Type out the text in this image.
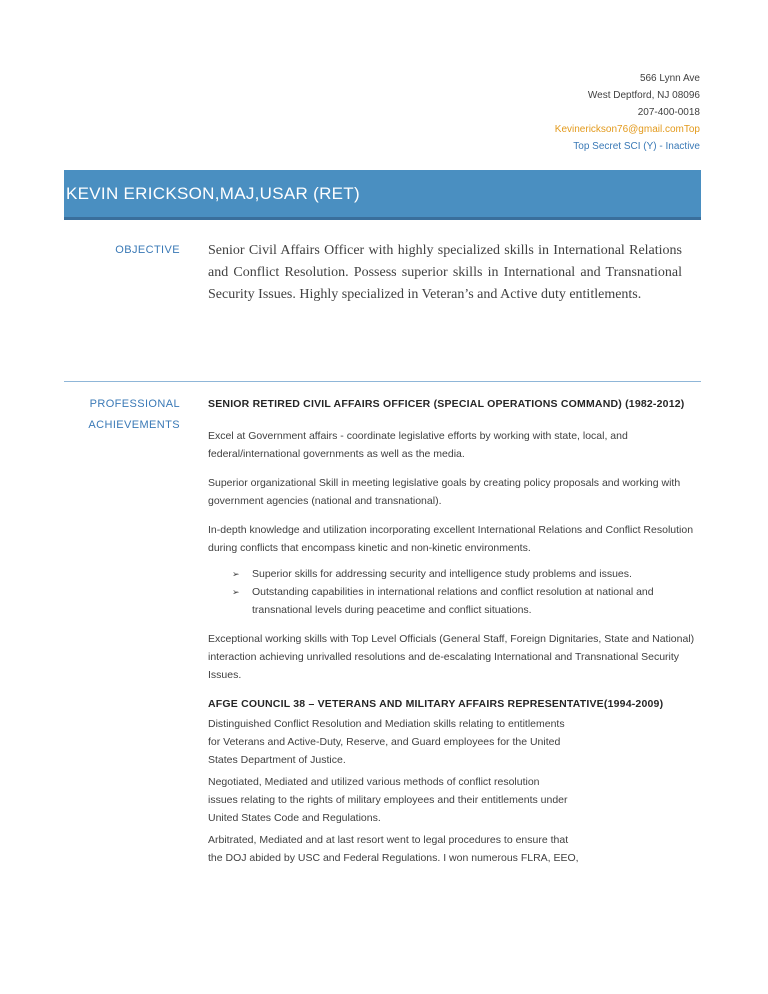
566 Lynn Ave
West Deptford, NJ 08096
207-400-0018
Kevinerickson76@gmail.comTop
Top Secret SCI (Y) - Inactive
KEVIN ERICKSON,MAJ,USAR (RET)
OBJECTIVE Senior Civil Affairs Officer with highly specialized skills in International Relations and Conflict Resolution. Possess superior skills in International and Transnational Security Issues. Highly specialized in Veteran’s and Active duty entitlements.
PROFESSIONAL
ACHIEVEMENTS
SENIOR RETIRED CIVIL AFFAIRS OFFICER (SPECIAL OPERATIONS COMMAND) (1982-2012)

Excel at Government affairs - coordinate legislative efforts by working with state, local, and federal/international governments as well as the media.

Superior organizational Skill in meeting legislative goals by creating policy proposals and working with government agencies (national and transnational).

In-depth knowledge and utilization incorporating excellent International Relations and Conflict Resolution during conflicts that encompass kinetic and non-kinetic environments.

➢ Superior skills for addressing security and intelligence study problems and issues.
➢ Outstanding capabilities in international relations and conflict resolution at national and transnational levels during peacetime and conflict situations.

Exceptional working skills with Top Level Officials (General Staff, Foreign Dignitaries, State and National) interaction achieving unrivalled resolutions and de-escalating International and Transnational Security Issues.

AFGE COUNCIL 38 – VETERANS AND MILITARY AFFAIRS REPRESENTATIVE(1994-2009)

Distinguished Conflict Resolution and Mediation skills relating to entitlements
for Veterans and Active-Duty, Reserve, and Guard employees for the United
States Department of Justice.

Negotiated, Mediated and utilized various methods of conflict resolution
issues relating to the rights of military employees and their entitlements under
United States Code and Regulations.

Arbitrated, Mediated and at last resort went to legal procedures to ensure that
the DOJ abided by USC and Federal Regulations. I won numerous FLRA, EEO,
